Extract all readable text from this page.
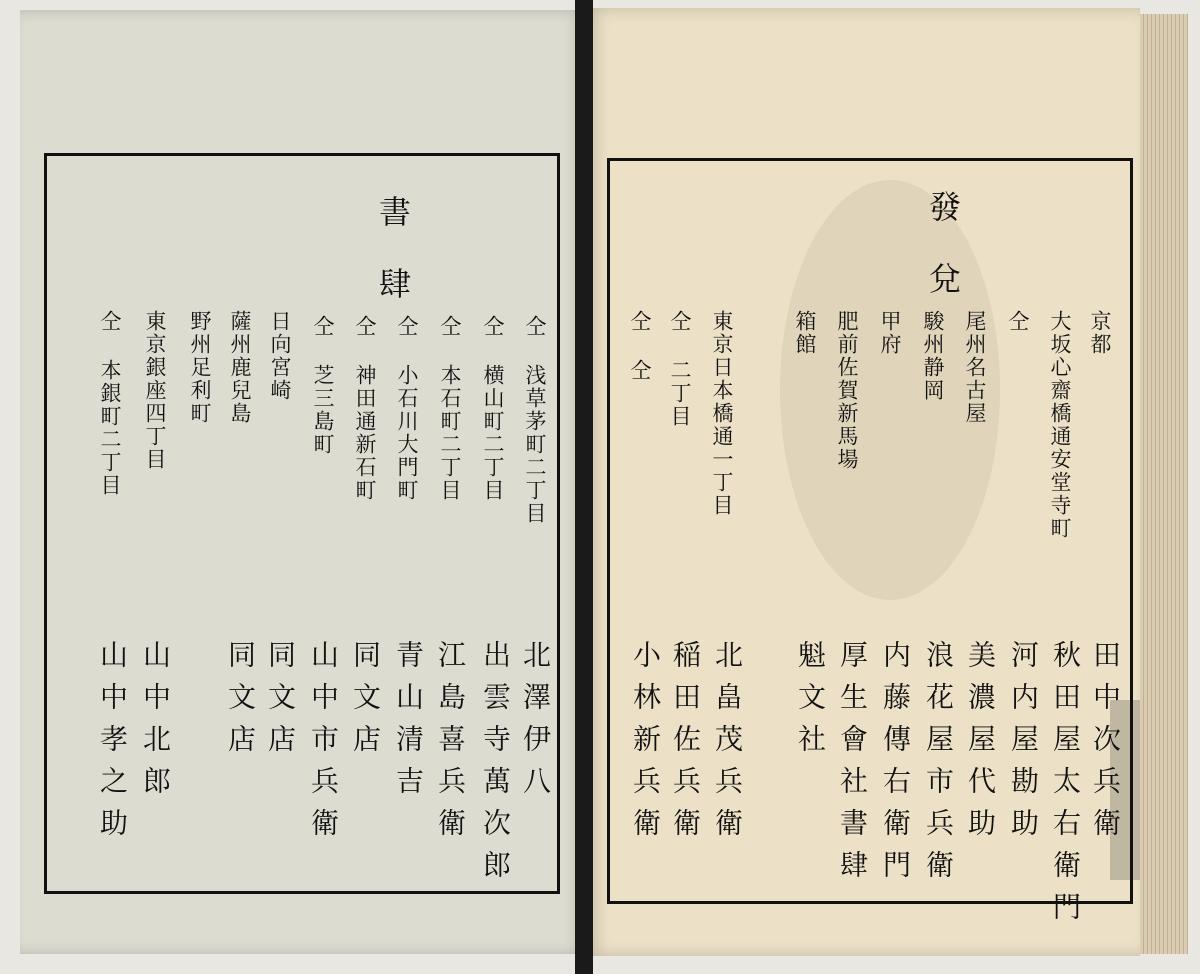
書肆
仝 浅草茅町二丁目
仝 横山町二丁目
仝 本石町二丁目
仝 小石川大門町
仝 神田通新石町
仝 芝三島町
日向宮崎
薩州鹿兒島
野州足利町
東京銀座四丁目
仝 本銀町二丁目
北澤伊八
出雲寺萬次郎
江島喜兵衛
青山清吉
同文店
山中市兵衛
同文店
同文店
山中北郎
山中孝之助
發兌	京都
大坂心齋橋通安堂寺町
仝
尾州名古屋
駿州静岡
甲府
肥前佐賀新馬場
箱館
東京日本橋通一丁目
仝 二丁目
仝 仝
田中次兵衛
秋田屋太右衛門
河内屋勘助
美濃屋代助
浪花屋市兵衛
内藤傳右衛門
厚生會社書肆
魁文社
北畠茂兵衛
稲田佐兵衛
小林新兵衛
